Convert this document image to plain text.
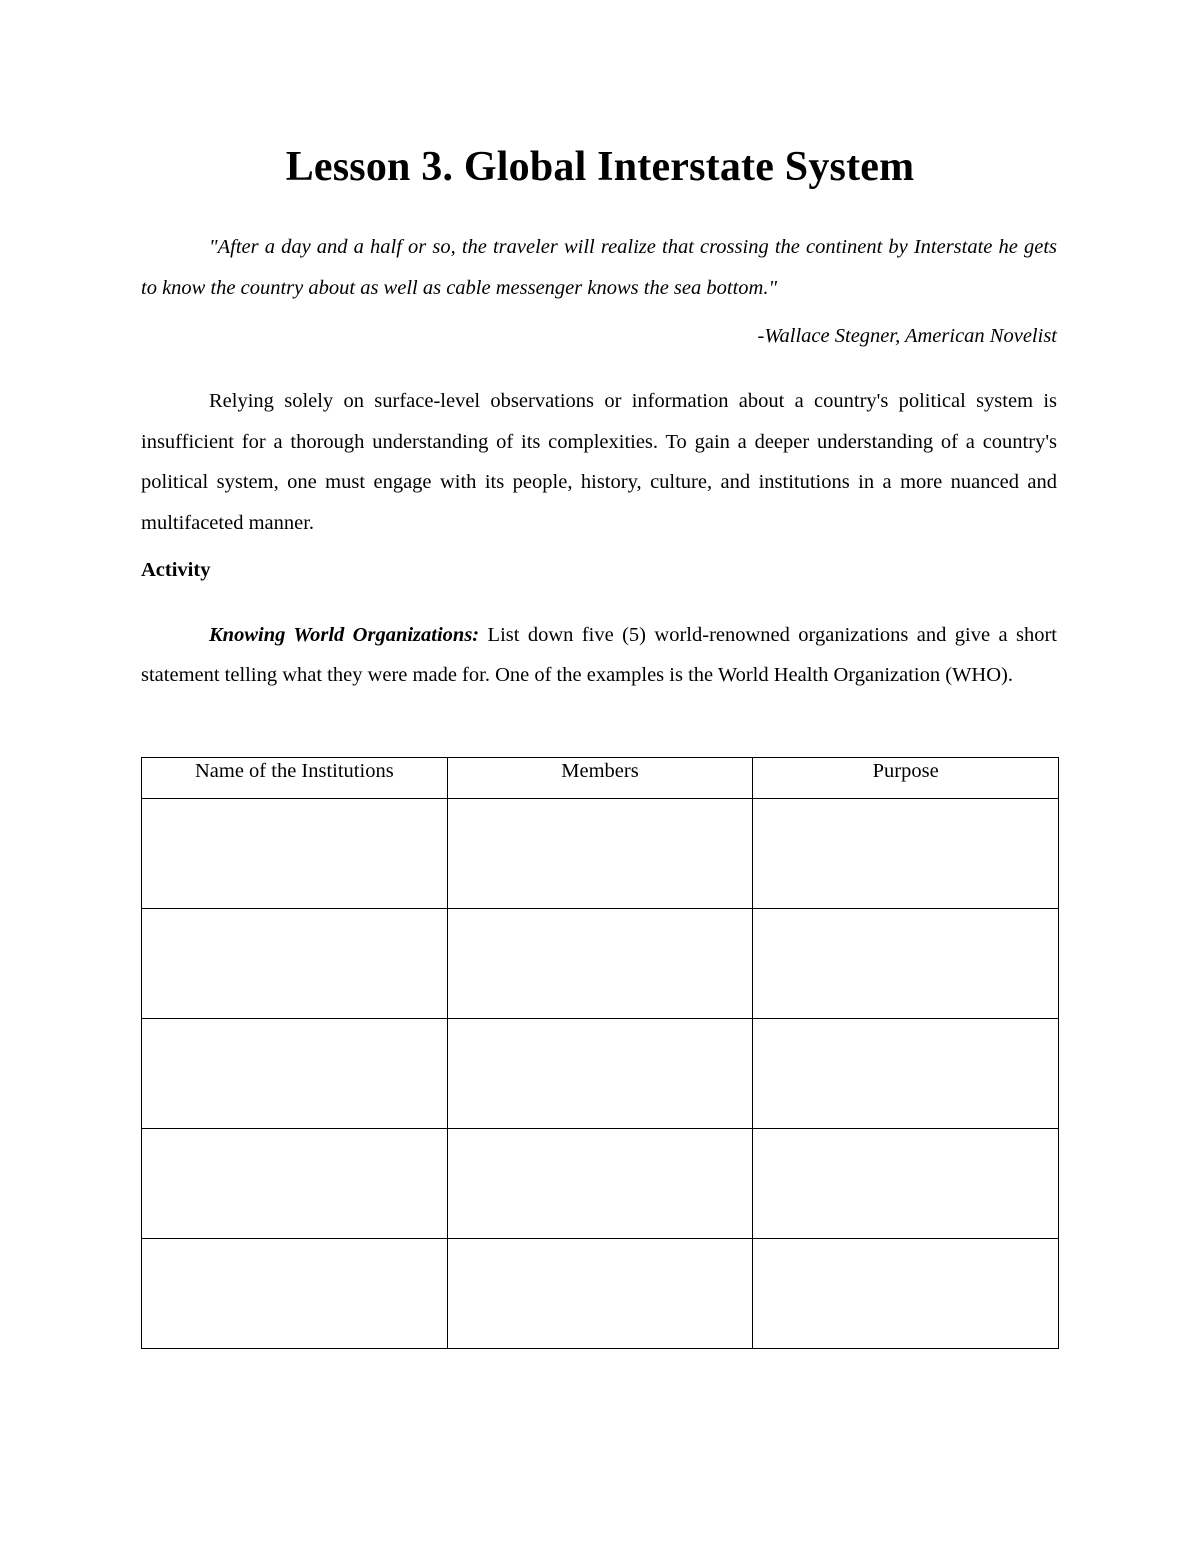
Lesson 3. Global Interstate System

"After a day and a half or so, the traveler will realize that crossing the continent by Interstate he gets to know the country about as well as cable messenger knows the sea bottom."

-Wallace Stegner, American Novelist

Relying solely on surface-level observations or information about a country's political system is insufficient for a thorough understanding of its complexities. To gain a deeper understanding of a country's political system, one must engage with its people, history, culture, and institutions in a more nuanced and multifaceted manner.

Activity

Knowing World Organizations: List down five (5) world-renowned organizations and give a short statement telling what they were made for. One of the examples is the World Health Organization (WHO).

Name of the Institutions	Members	Purpose
